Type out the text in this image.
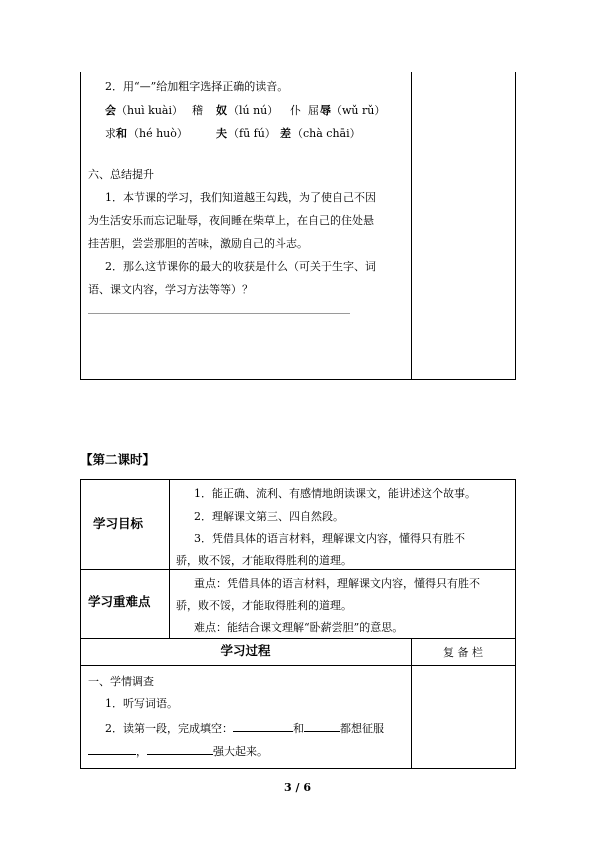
2．用“—”给加粗字选择正确的读音。
会 （huì kuài） 稽 奴 （lú nú） 仆 屈 辱 （wǔ rǔ）
求 和 （hé huò）	夫 （fū fú） 差 （chà chāi）
六、总结提升
1．本节课的学习，我们知道越王勾践，为了使自己不因
为生活安乐而忘记耻辱，夜间睡在柴草上，在自己的住处悬
挂苦胆，尝尝那胆的苦味，激励自己的斗志。
2．那么这节课你的最大的收获是什么（可关于生字、词
语、课文内容，学习方法等等）？
【第二课时】
学习目标
1．能正确、流利、有感情地朗读课文，能讲述这个故事。
2．理解课文第三、四自然段。
3．凭借具体的语言材料，理解课文内容，懂得只有胜不
骄，败不馁，才能取得胜利的道理。
学习重难点
重点：凭借具体的语言材料，理解课文内容，懂得只有胜不
骄，败不馁，才能取得胜利的道理。
难点：能结合课文理解“卧薪尝胆”的意思。
学习过程	复 备 栏
一、学情调查
1．听写词语。
2．读第一段，完成填空：	和	都想征服
，	强大起来。
3 / 6
